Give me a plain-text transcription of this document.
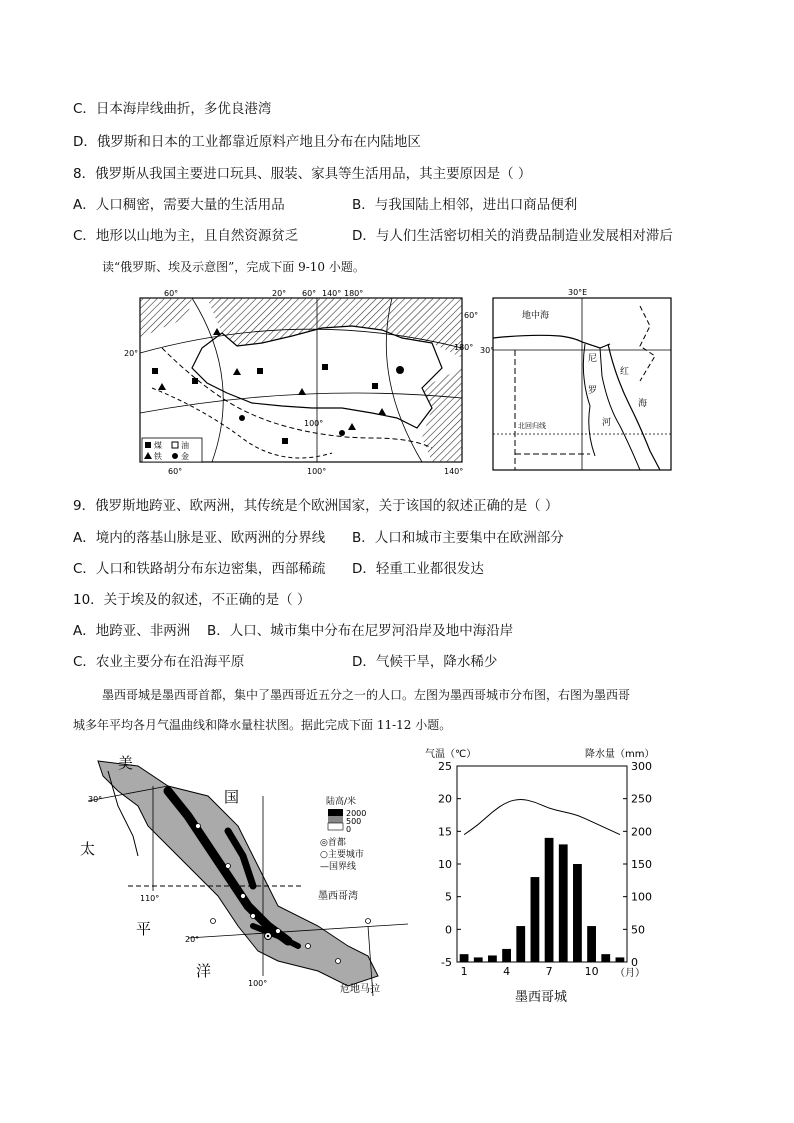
C．日本海岸线曲折，多优良港湾
D．俄罗斯和日本的工业都靠近原料产地且分布在内陆地区
8．俄罗斯从我国主要进口玩具、服装、家具等生活用品，其主要原因是（ ）
A．人口稠密，需要大量的生活用品	B．与我国陆上相邻，进出口商品便利
C．地形以山地为主，且自然资源贫乏	D．与人们生活密切相关的消费品制造业发展相对滞后
读“俄罗斯、埃及示意图”，完成下面 9-10 小题。
60°	20° 60° 140° 180°
60°
180°
20°
100°
60°	100°	140°
煤 油
铁 金
30°E
30°
地中海
北回归线
尼
罗
河
红
海
9．俄罗斯地跨亚、欧两洲，其传统是个欧洲国家，关于该国的叙述正确的是（ ）
A．境内的落基山脉是亚、欧两洲的分界线 B．人口和城市主要集中在欧洲部分
C．人口和铁路胡分布东边密集，西部稀疏 D．轻重工业都很发达
10．关于埃及的叙述，不正确的是（ ）
A．地跨亚、非两洲 B．人口、城市集中分布在尼罗河沿岸及地中海沿岸
C．农业主要分布在沿海平原	D．气候干旱，降水稀少
墨西哥城是墨西哥首都，集中了墨西哥近五分之一的人口。左图为墨西哥城市分布图，右图为墨西哥
城多年平均各月气温曲线和降水量柱状图。据此完成下面 11-12 小题。
美
国
太
平
洋
墨西哥湾
危地马拉
30°
20°
110°
100°
陆高/米
2000
500
0
◎首都
○主要城市
—国界线
气温（℃）	降水量（mm）
25
20
15
10
5
0
-5
300
250
200
150
100
50
0
1	4	7	10 （月）
墨西哥城
